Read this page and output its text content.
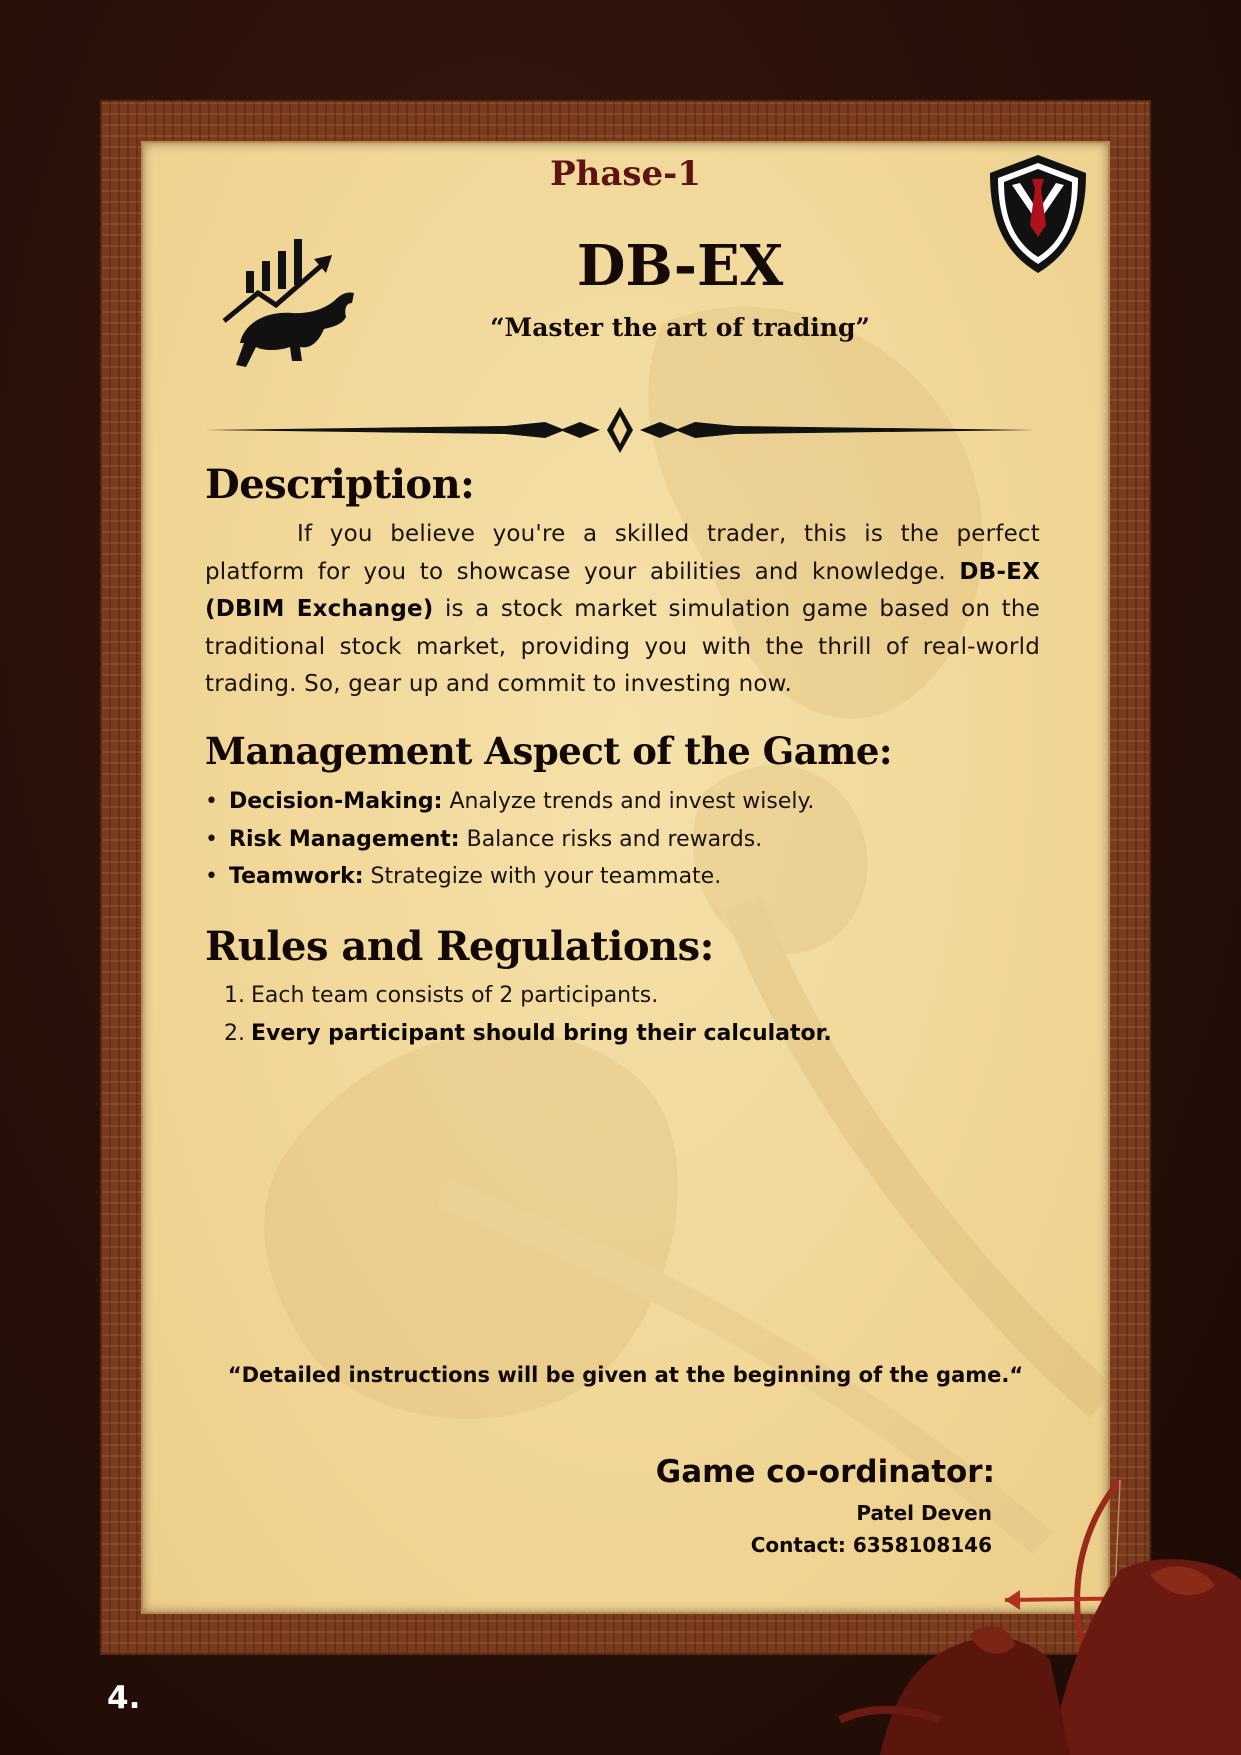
Phase-1
DB-EX
“Master the art of trading”
Description:
If you believe you're a skilled trader, this is the perfect platform for you to showcase your abilities and knowledge. DB-EX (DBIM Exchange) is a stock market simulation game based on the traditional stock market, providing you with the thrill of real-world trading. So, gear up and commit to investing now.
Management Aspect of the Game:
• Decision-Making: Analyze trends and invest wisely.
• Risk Management: Balance risks and rewards.
• Teamwork: Strategize with your teammate.
Rules and Regulations:
1. Each team consists of 2 participants.
2. Every participant should bring their calculator.
“Detailed instructions will be given at the beginning of the game.“
Game co-ordinator:
Patel Deven
Contact: 6358108146
4.
